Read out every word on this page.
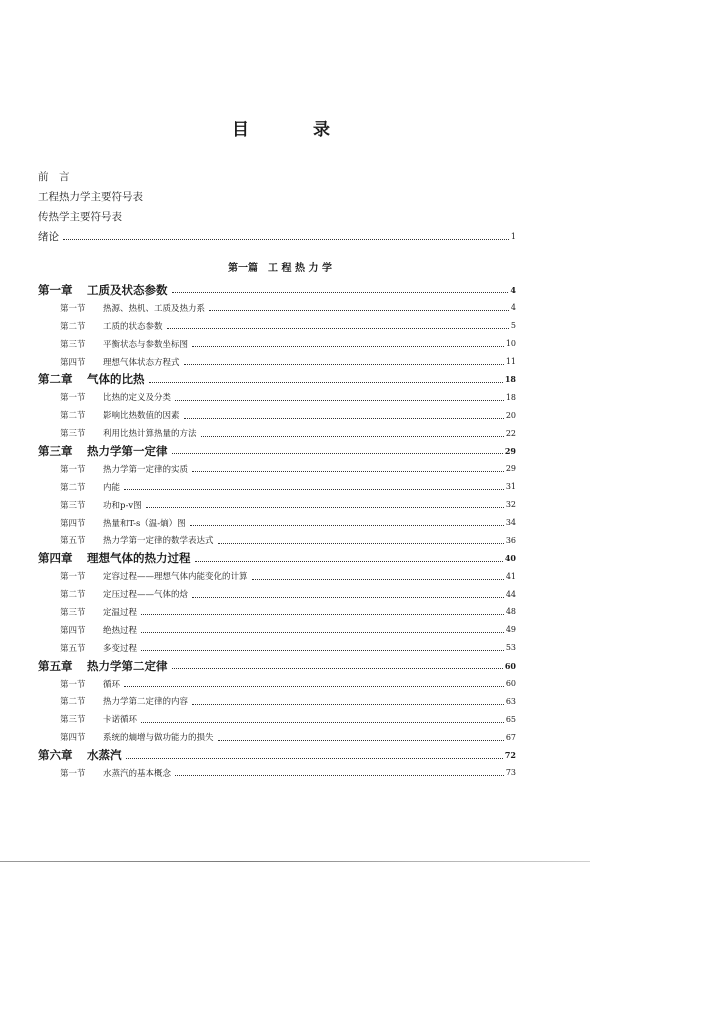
目　　录
前　言
工程热力学主要符号表
传热学主要符号表
绪论	1
第一篇　工 程 热 力 学
第一章	工质及状态参数	4
第一节	热源、热机、工质及热力系	4
第二节	工质的状态参数	5
第三节	平衡状态与参数坐标图	10
第四节	理想气体状态方程式	11
第二章	气体的比热	18
第一节	比热的定义及分类	18
第二节	影响比热数值的因素	20
第三节	利用比热计算热量的方法	22
第三章	热力学第一定律	29
第一节	热力学第一定律的实质	29
第二节	内能	31
第三节	功和p-v图	32
第四节	热量和T-s（温-熵）图	34
第五节	热力学第一定律的数学表达式	36
第四章	理想气体的热力过程	40
第一节	定容过程——理想气体内能变化的计算	41
第二节	定压过程——气体的焓	44
第三节	定温过程	48
第四节	绝热过程	49
第五节	多变过程	53
第五章	热力学第二定律	60
第一节	循环	60
第二节	热力学第二定律的内容	63
第三节	卡诺循环	65
第四节	系统的熵增与做功能力的损失	67
第六章	水蒸汽	72
第一节	水蒸汽的基本概念	73
